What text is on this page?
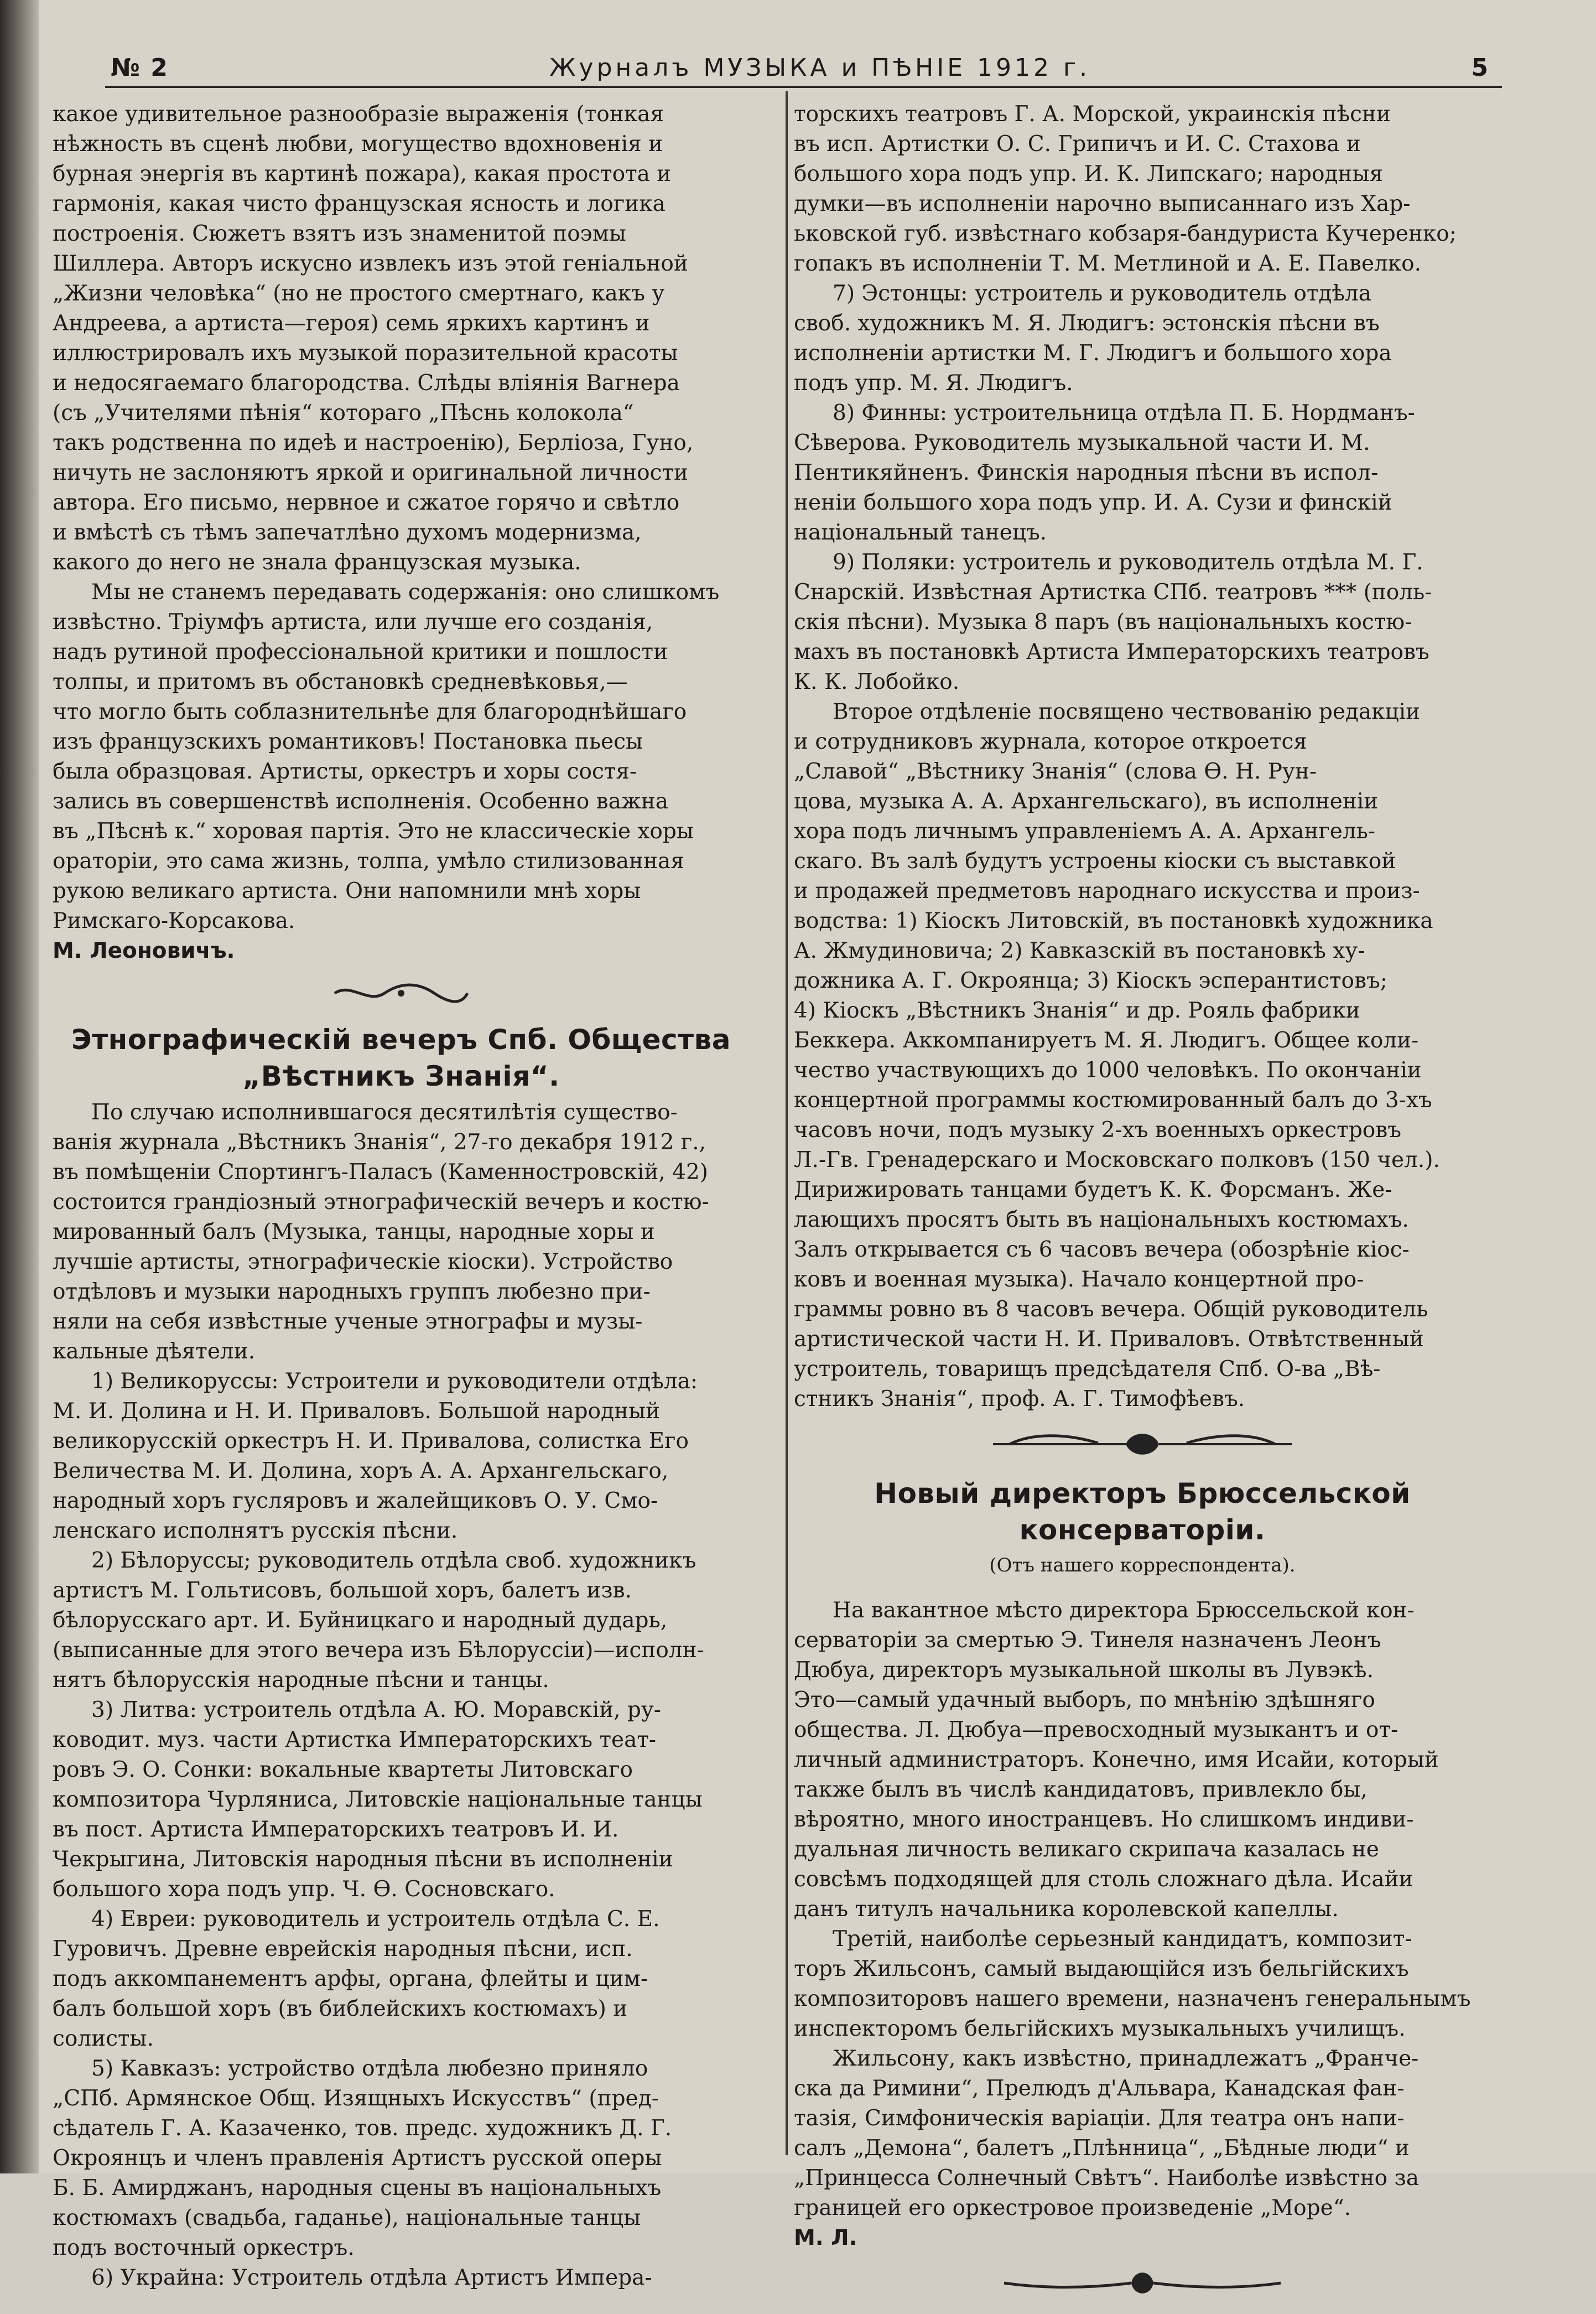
№ 2	Журналъ МУЗЫКА и ПѢНІЕ 1912 г.	5

какое удивительное разнообразіе выраженія (тонкая
нѣжность въ сценѣ любви, могущество вдохновенія и
бурная энергія въ картинѣ пожара), какая простота и
гармонія, какая чисто французская ясность и логика
построенія. Сюжетъ взятъ изъ знаменитой поэмы
Шиллера. Авторъ искусно извлекъ изъ этой геніальной
„Жизни человѣка“ (но не простого смертнаго, какъ у
Андреева, а артиста—героя) семь яркихъ картинъ и
иллюстрировалъ ихъ музыкой поразительной красоты
и недосягаемаго благородства. Слѣды вліянія Вагнера
(съ „Учителями пѣнія“ котораго „Пѣснь колокола“
такъ родственна по идеѣ и настроенію), Берліоза, Гуно,
ничуть не заслоняютъ яркой и оригинальной личности
автора. Его письмо, нервное и сжатое горячо и свѣтло
и вмѣстѣ съ тѣмъ запечатлѣно духомъ модернизма,
какого до него не знала французская музыка.

Мы не станемъ передавать содержанія: оно слишкомъ
извѣстно. Тріумфъ артиста, или лучше его созданія,
надъ рутиной профессіональной критики и пошлости
толпы, и притомъ въ обстановкѣ средневѣковья,—
что могло быть соблазнительнѣе для благороднѣйшаго
изъ французскихъ романтиковъ! Постановка пьесы
была образцовая. Артисты, оркестръ и хоры состя-
зались въ совершенствѣ исполненія. Особенно важна
въ „Пѣснѣ к.“ хоровая партія. Это не классическіе хоры
ораторіи, это сама жизнь, толпа, умѣло стилизованная
рукою великаго артиста. Они напомнили мнѣ хоры
Римскаго-Корсакова.

М. Леоновичъ.

Этнографическій вечеръ Спб. Общества
„Вѣстникъ Знанія“.

По случаю исполнившагося десятилѣтія существо-
ванія журнала „Вѣстникъ Знанія“, 27-го декабря 1912 г.,
въ помѣщеніи Спортингъ-Паласъ (Каменностровскій, 42)
состоится грандіозный этнографическій вечеръ и костю-
мированный балъ (Музыка, танцы, народные хоры и
лучшіе артисты, этнографическіе кіоски). Устройство
отдѣловъ и музыки народныхъ группъ любезно при-
няли на себя извѣстные ученые этнографы и музы-
кальные дѣятели.

1) Великоруссы: Устроители и руководители отдѣла:
М. И. Долина и Н. И. Приваловъ. Большой народный
великорусскій оркестръ Н. И. Привалова, солистка Его
Величества М. И. Долина, хоръ А. А. Архангельскаго,
народный хоръ гусляровъ и жалейщиковъ О. У. Смо-
ленскаго исполнятъ русскія пѣсни.

2) Бѣлоруссы; руководитель отдѣла своб. художникъ
артистъ М. Гольтисовъ, большой хоръ, балетъ изв.
бѣлорусскаго арт. И. Буйницкаго и народный дударь,
(выписанные для этого вечера изъ Бѣлоруссіи)—исполн-
нятъ бѣлорусскія народные пѣсни и танцы.

3) Литва: устроитель отдѣла А. Ю. Моравскій, ру-
ководит. муз. части Артистка Императорскихъ теат-
ровъ Э. О. Сонки: вокальные квартеты Литовскаго
композитора Чурляниса, Литовскіе національные танцы
въ пост. Артиста Императорскихъ театровъ И. И.
Чекрыгина, Литовскія народныя пѣсни въ исполненіи
большого хора подъ упр. Ч. Ѳ. Сосновскаго.

4) Евреи: руководитель и устроитель отдѣла С. Е.
Гуровичъ. Древне еврейскія народныя пѣсни, исп.
подъ аккомпанементъ арфы, органа, флейты и цим-
балъ большой хоръ (въ библейскихъ костюмахъ) и
солисты.

5) Кавказъ: устройство отдѣла любезно приняло
„СПб. Армянское Общ. Изящныхъ Искусствъ“ (пред-
сѣдатель Г. А. Казаченко, тов. предс. художникъ Д. Г.
Окроянцъ и членъ правленія Артистъ русской оперы
Б. Б. Амирджанъ, народныя сцены въ національныхъ
костюмахъ (свадьба, гаданье), національные танцы
подъ восточный оркестръ.

6) Украйна: Устроитель отдѣла Артистъ Импера-

торскихъ театровъ Г. А. Морской, украинскія пѣсни
въ исп. Артистки О. С. Грипичъ и И. С. Стахова и
большого хора подъ упр. И. К. Липскаго; народныя
думки—въ исполненіи нарочно выписаннаго изъ Хар-
ьковской губ. извѣстнаго кобзаря-бандуриста Кучеренко;
гопакъ въ исполненіи Т. М. Метлиной и А. Е. Павелко.

7) Эстонцы: устроитель и руководитель отдѣла
своб. художникъ М. Я. Людигъ: эстонскія пѣсни въ
исполненіи артистки М. Г. Людигъ и большого хора
подъ упр. М. Я. Людигъ.

8) Финны: устроительница отдѣла П. Б. Нордманъ-
Сѣверова. Руководитель музыкальной части И. М.
Пентикяйненъ. Финскія народныя пѣсни въ испол-
неніи большого хора подъ упр. И. А. Сузи и финскій
національный танецъ.

9) Поляки: устроитель и руководитель отдѣла М. Г.
Снарскій. Извѣстная Артистка СПб. театровъ *** (поль-
скія пѣсни). Музыка 8 паръ (въ національныхъ костю-
махъ въ постановкѣ Артиста Императорскихъ театровъ
К. К. Лобойко.

Второе отдѣленіе посвящено чествованію редакціи
и сотрудниковъ журнала, которое откроется
„Славой“ „Вѣстнику Знанія“ (слова Ѳ. Н. Рун-
цова, музыка А. А. Архангельскаго), въ исполненіи
хора подъ личнымъ управленіемъ А. А. Архангель-
скаго. Въ залѣ будутъ устроены кіоски съ выставкой
и продажей предметовъ народнаго искусства и произ-
водства: 1) Кіоскъ Литовскій, въ постановкѣ художника
А. Жмудиновича; 2) Кавказскій въ постановкѣ ху-
дожника А. Г. Окроянца; 3) Кіоскъ эсперантистовъ;
4) Кіоскъ „Вѣстникъ Знанія“ и др. Рояль фабрики
Беккера. Аккомпанируетъ М. Я. Людигъ. Общее коли-
чество участвующихъ до 1000 человѣкъ. По окончаніи
концертной программы костюмированный балъ до 3-хъ
часовъ ночи, подъ музыку 2-хъ военныхъ оркестровъ
Л.-Гв. Гренадерскаго и Московскаго полковъ (150 чел.).
Дирижировать танцами будетъ К. К. Форсманъ. Же-
лающихъ просятъ быть въ національныхъ костюмахъ.
Залъ открывается съ 6 часовъ вечера (обозрѣніе кіос-
ковъ и военная музыка). Начало концертной про-
граммы ровно въ 8 часовъ вечера. Общій руководитель
артистической части Н. И. Приваловъ. Отвѣтственный
устроитель, товарищъ предсѣдателя Спб. О-ва „Вѣ-
стникъ Знанія“, проф. А. Г. Тимофѣевъ.

Новый директоръ Брюссельской консерваторіи.
(Отъ нашего корреспондента).

На вакантное мѣсто директора Брюссельской кон-
серваторіи за смертью Э. Тинеля назначенъ Леонъ
Дюбуа, директоръ музыкальной школы въ Лувэкѣ.
Это—самый удачный выборъ, по мнѣнію здѣшняго
общества. Л. Дюбуа—превосходный музыкантъ и от-
личный администраторъ. Конечно, имя Исайи, который
также былъ въ числѣ кандидатовъ, привлекло бы,
вѣроятно, много иностранцевъ. Но слишкомъ индиви-
дуальная личность великаго скрипача казалась не
совсѣмъ подходящей для столь сложнаго дѣла. Исайи
данъ титулъ начальника королевской капеллы.

Третій, наиболѣе серьезный кандидатъ, композит-
торъ Жильсонъ, самый выдающійся изъ бельгійскихъ
композиторовъ нашего времени, назначенъ генеральнымъ
инспекторомъ бельгійскихъ музыкальныхъ училищъ.

Жильсону, какъ извѣстно, принадлежатъ „Франче-
ска да Римини“, Прелюдъ д'Альвара, Канадская фан-
тазія, Симфоническія варіаціи. Для театра онъ напи-
салъ „Демона“, балетъ „Плѣнница“, „Бѣдные люди“ и
„Принцесса Солнечный Свѣтъ“. Наиболѣе извѣстно за
границей его оркестровое произведеніе „Море“.

М. Л.
